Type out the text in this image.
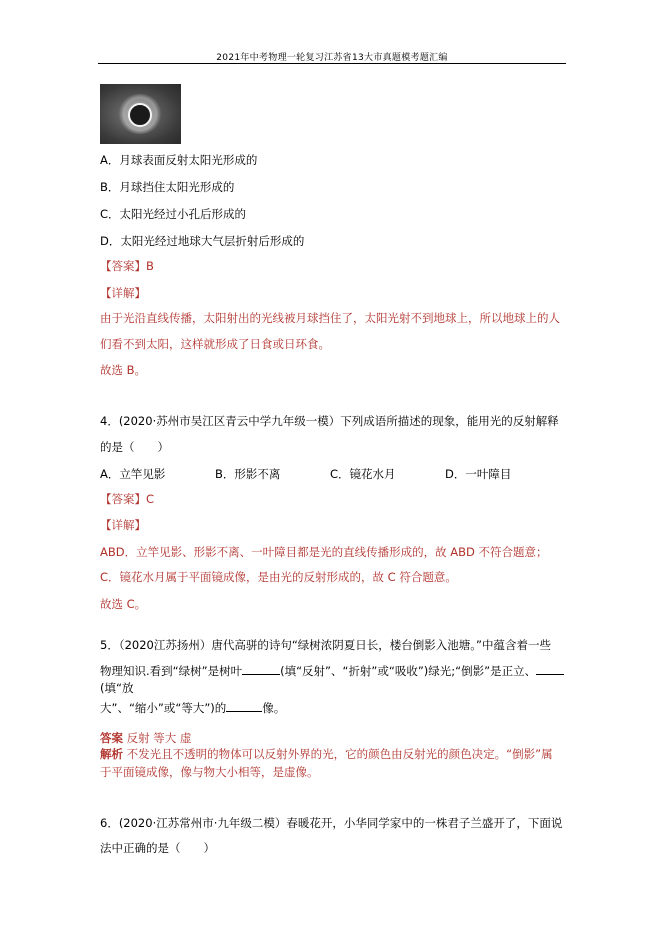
2021年中考物理一轮复习江苏省13大市真题模考题汇编
A．月球表面反射太阳光形成的
B．月球挡住太阳光形成的
C．太阳光经过小孔后形成的
D．太阳光经过地球大气层折射后形成的
【答案】B
【详解】
由于光沿直线传播，太阳射出的光线被月球挡住了，太阳光射不到地球上，所以地球上的人
们看不到太阳，这样就形成了日食或日环食。
故选 B。
4．(2020·苏州市吴江区青云中学九年级一模）下列成语所描述的现象，能用光的反射解释
的是（　　）
A．立竿见影	B．形影不离	C．镜花水月	D．一叶障目
【答案】C
【详解】
ABD．立竿见影、形影不离、一叶障目都是光的直线传播形成的，故 ABD 不符合题意；
C．镜花水月属于平面镜成像，是由光的反射形成的，故 C 符合题意。
故选 C。
5．（2020江苏扬州）唐代高骈的诗句“绿树浓阴夏日长，楼台倒影入池塘。”中蕴含着一些
物理知识.看到“绿树”是树叶	(填“反射”、“折射”或“吸收”)绿光;“倒影”是正立、
(填“放
大”、“缩小”或“等大”)的	像。
答案 反射 等大 虚
解析 不发光且不透明的物体可以反射外界的光，它的颜色由反射光的颜色决定。“倒影”属
于平面镜成像，像与物大小相等，是虚像。
6．(2020·江苏常州市·九年级二模）春暖花开，小华同学家中的一株君子兰盛开了，下面说
法中正确的是（　　）
